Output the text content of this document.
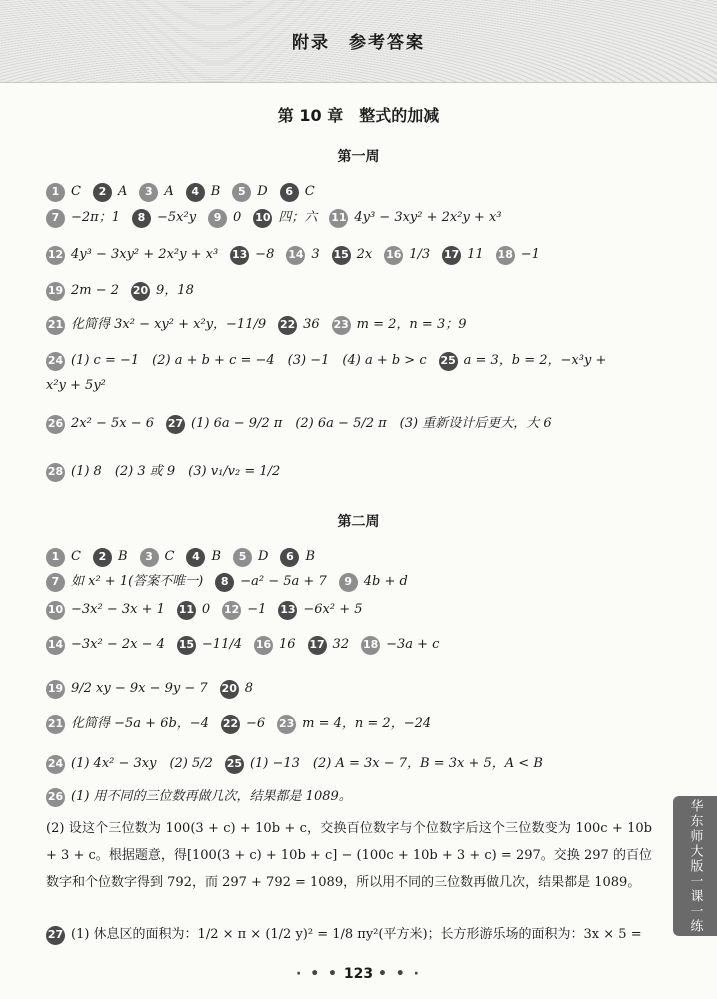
附录　参考答案
第 10 章　整式的加减
第一周
1 C	2 A	3 A	4 B	5 D	6 C
7 −2π；1	8 −5x²y	9 0 10 四；六 11 4y³ − 3xy² + 2x²y + x³
12 4y³ − 3xy² + 2x²y + x³ 13 −8 14 3 15 2x 16 1/3 17 11 18 −1
19 2m − 2 20 9，18
21 化简得 3x² − xy² + x²y，−11/9 22 36 23 m = 2，n = 3；9
24 (1) c = −1　(2) a + b + c = −4　(3) −1　(4) a + b > c 25 a = 3，b = 2，−x³y +
x²y + 5y²
26 2x² − 5x − 6 27 (1) 6a − 9/2 π　(2) 6a − 5/2 π　(3) 重新设计后更大，大 6
28 (1) 8　(2) 3 或 9　(3) v₁/v₂ = 1/2
第二周
1 C	2 B	3 C	4 B	5 D	6 B
7 如 x² + 1(答案不唯一)	8 −a² − 5a + 7	9 4b + d
10 −3x² − 3x + 1 11 0 12 −1 13 −6x² + 5
14 −3x² − 2x − 4 15 −11/4 16 16 17 32 18 −3a + c
19 9/2 xy − 9x − 9y − 7 20 8
21 化简得 −5a + 6b，−4 22 −6 23 m = 4，n = 2，−24
24 (1) 4x² − 3xy　(2) 5/2 25 (1) −13　(2) A = 3x − 7，B = 3x + 5，A < B
26 (1) 用不同的三位数再做几次，结果都是 1089。
(2) 设这个三位数为 100(3 + c) + 10b + c，交换百位数字与个位数字后这个三位数变为 100c + 10b + 3 + c。根据题意，得[100(3 + c) + 10b + c] − (100c + 10b + 3 + c) = 297。交换 297 的百位数字和个位数字得到 792，而 297 + 792 = 1089，所以用不同的三位数再做几次，结果都是 1089。
27 (1) 休息区的面积为：1/2 × π × (1/2 y)² = 1/8 πy²(平方米)；长方形游乐场的面积为：3x × 5 =
华东师大版一课一练
· • • 123 • • ·
